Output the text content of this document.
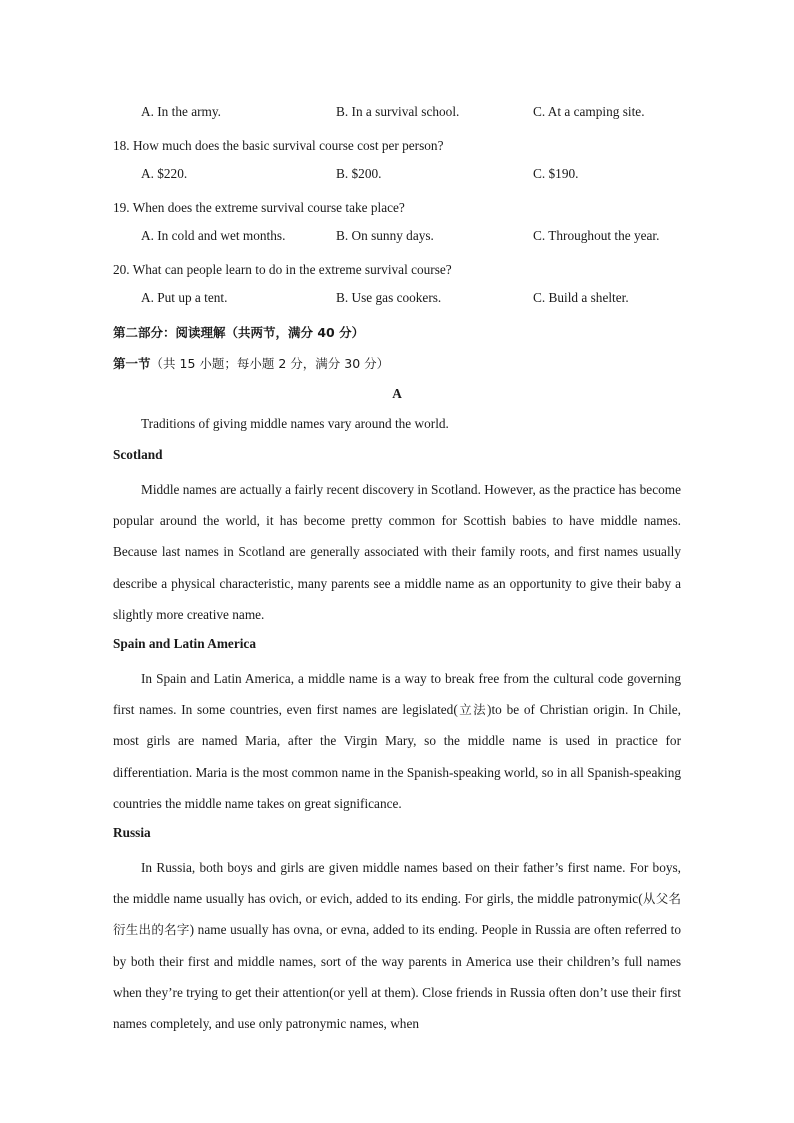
A. In the army.	B. In a survival school.	C. At a camping site.
18. How much does the basic survival course cost per person?
A. $220.	B. $200.	C. $190.
19. When does the extreme survival course take place?
A. In cold and wet months.	B. On sunny days.	C. Throughout the year.
20. What can people learn to do in the extreme survival course?
A. Put up a tent.	B. Use gas cookers.	C. Build a shelter.
第二部分：阅读理解（共两节，满分 40 分）
第一节（共 15 小题；每小题 2 分，满分 30 分）
A
Traditions of giving middle names vary around the world.
Scotland

Middle names are actually a fairly recent discovery in Scotland. However, as the practice has become popular around the world, it has become pretty common for Scottish babies to have middle names. Because last names in Scotland are generally associated with their family roots, and first names usually describe a physical characteristic, many parents see a middle name as an opportunity to give their baby a slightly more creative name.

Spain and Latin America

In Spain and Latin America, a middle name is a way to break free from the cultural code governing first names. In some countries, even first names are legislated(立法)to be of Christian origin. In Chile, most girls are named Maria, after the Virgin Mary, so the middle name is used in practice for differentiation. Maria is the most common name in the Spanish-speaking world, so in all Spanish-speaking countries the middle name takes on great significance.

Russia

In Russia, both boys and girls are given middle names based on their father’s first name. For boys, the middle name usually has ovich, or evich, added to its ending. For girls, the middle patronymic(从父名衍生出的名字) name usually has ovna, or evna, added to its ending. People in Russia are often referred to by both their first and middle names, sort of the way parents in America use their children’s full names when they’re trying to get their attention(or yell at them). Close friends in Russia often don’t use their first names completely, and use only patronymic names, when
